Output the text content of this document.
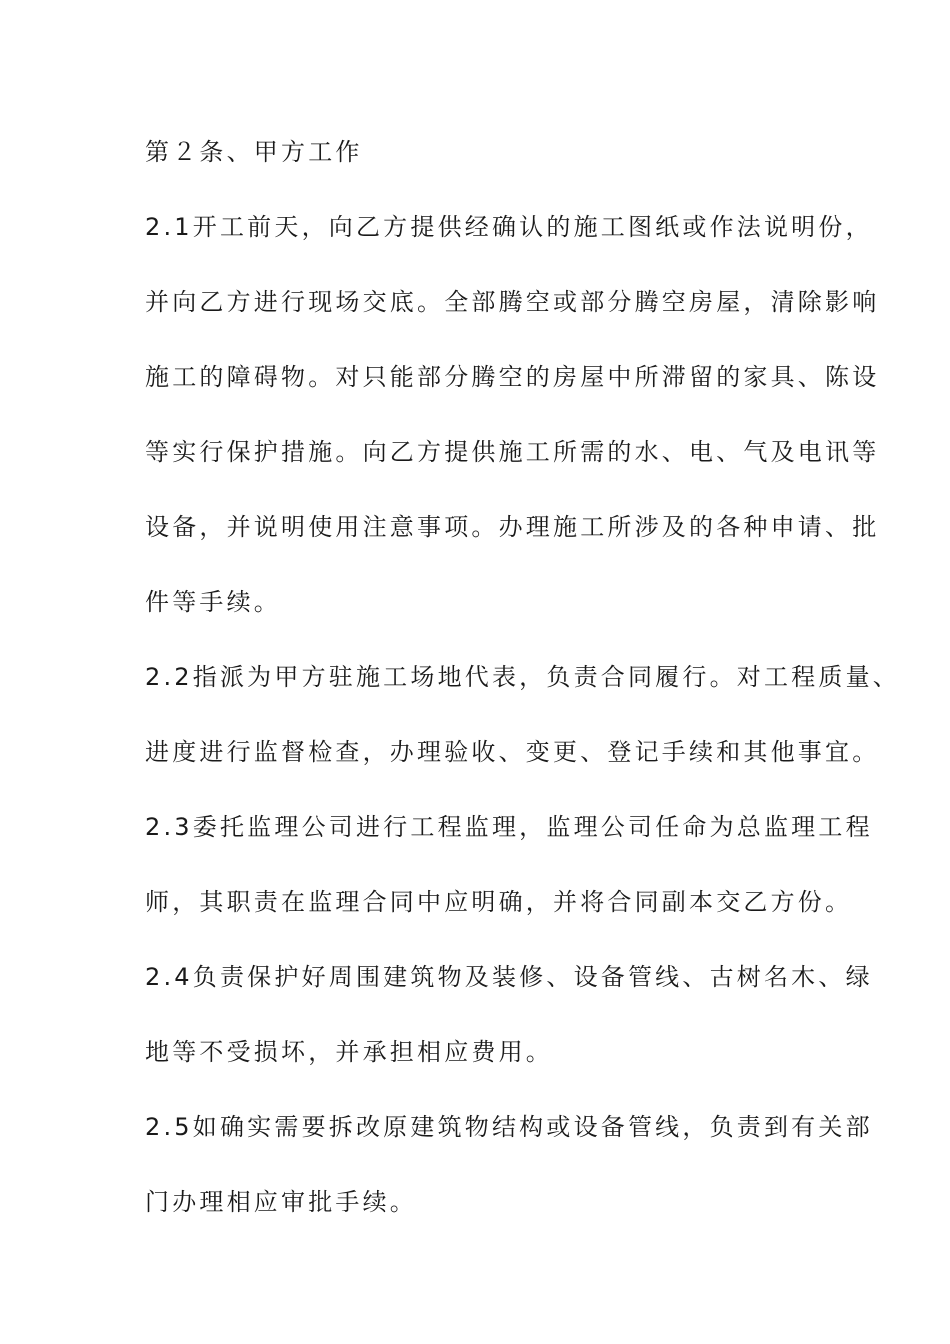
第２条、甲方工作
2.1开工前天，向乙方提供经确认的施工图纸或作法说明份，
并向乙方进行现场交底。全部腾空或部分腾空房屋，清除影响
施工的障碍物。对只能部分腾空的房屋中所滞留的家具、陈设
等实行保护措施。向乙方提供施工所需的水、电、气及电讯等
设备，并说明使用注意事项。办理施工所涉及的各种申请、批
件等手续。
2.2指派为甲方驻施工场地代表，负责合同履行。对工程质量、
进度进行监督检查，办理验收、变更、登记手续和其他事宜。
2.3委托监理公司进行工程监理，监理公司任命为总监理工程
师，其职责在监理合同中应明确，并将合同副本交乙方份。
2.4负责保护好周围建筑物及装修、设备管线、古树名木、绿
地等不受损坏，并承担相应费用。
2.5如确实需要拆改原建筑物结构或设备管线，负责到有关部
门办理相应审批手续。
